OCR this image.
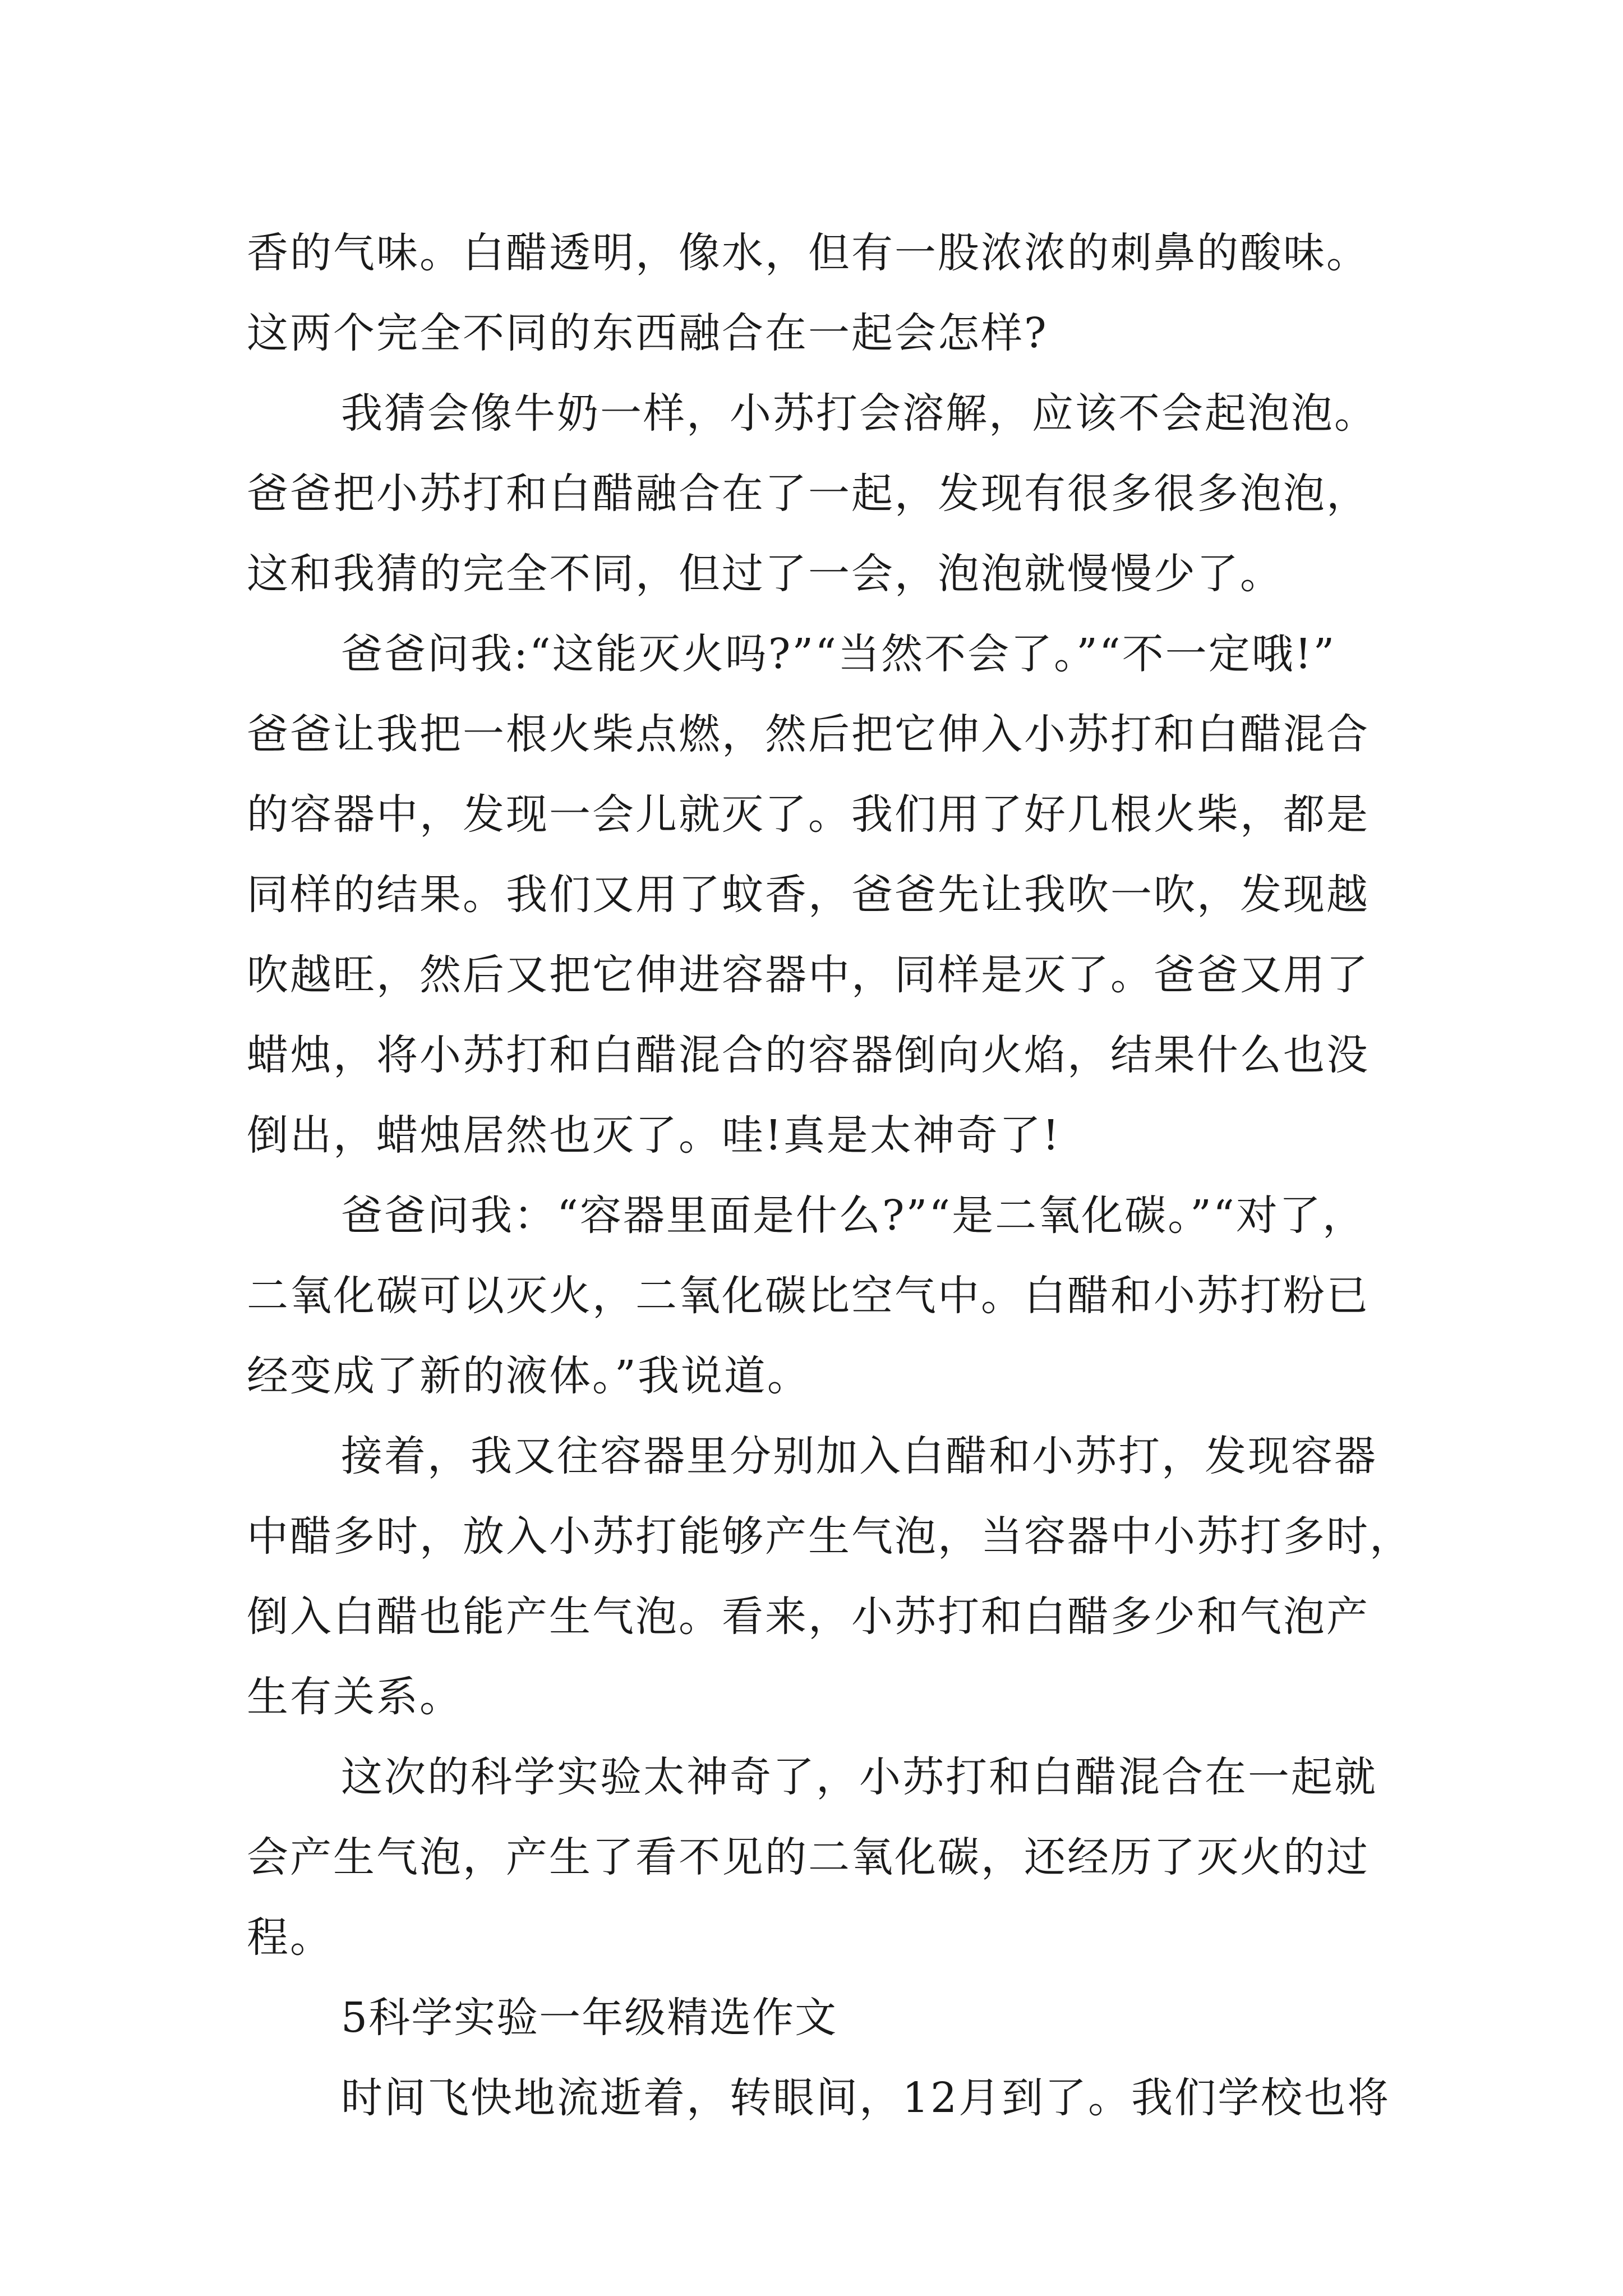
香的气味。白醋透明，像水，但有一股浓浓的刺鼻的酸味。
这两个完全不同的东西融合在一起会怎样?
我猜会像牛奶一样，小苏打会溶解，应该不会起泡泡。
爸爸把小苏打和白醋融合在了一起，发现有很多很多泡泡，
这和我猜的完全不同，但过了一会，泡泡就慢慢少了。
爸爸问我:“这能灭火吗?”“当然不会了。”“不一定哦!”
爸爸让我把一根火柴点燃，然后把它伸入小苏打和白醋混合
的容器中，发现一会儿就灭了。我们用了好几根火柴，都是
同样的结果。我们又用了蚊香，爸爸先让我吹一吹，发现越
吹越旺，然后又把它伸进容器中，同样是灭了。爸爸又用了
蜡烛，将小苏打和白醋混合的容器倒向火焰，结果什么也没
倒出，蜡烛居然也灭了。哇!真是太神奇了!
爸爸问我：“容器里面是什么?”“是二氧化碳。”“对了，
二氧化碳可以灭火，二氧化碳比空气中。白醋和小苏打粉已
经变成了新的液体。”我说道。
接着，我又往容器里分别加入白醋和小苏打，发现容器
中醋多时，放入小苏打能够产生气泡，当容器中小苏打多时，
倒入白醋也能产生气泡。看来，小苏打和白醋多少和气泡产
生有关系。
这次的科学实验太神奇了，小苏打和白醋混合在一起就
会产生气泡，产生了看不见的二氧化碳，还经历了灭火的过
程。
5科学实验一年级精选作文
时间飞快地流逝着，转眼间，12月到了。我们学校也将
